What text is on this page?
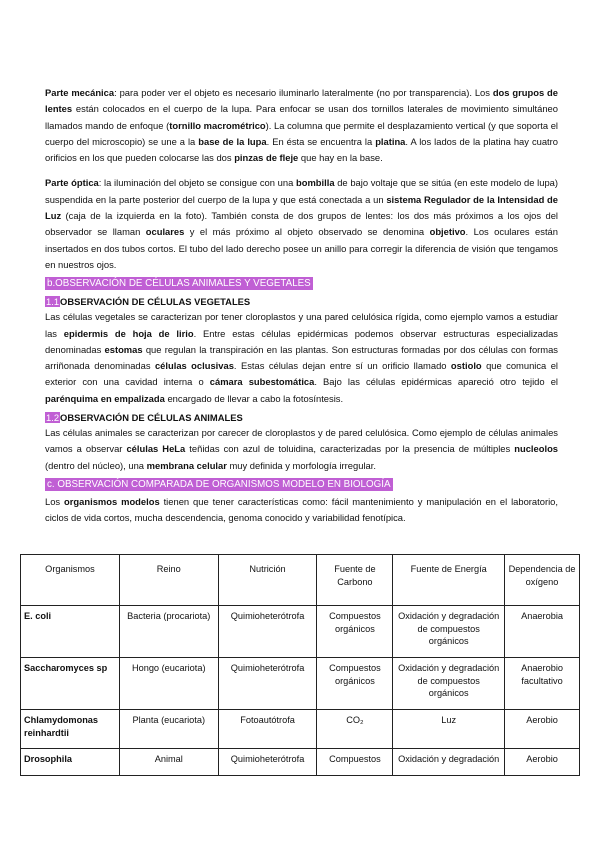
Parte mecánica: para poder ver el objeto es necesario iluminarlo lateralmente (no por transparencia). Los dos grupos de lentes están colocados en el cuerpo de la lupa. Para enfocar se usan dos tornillos laterales de movimiento simultáneo llamados mando de enfoque (tornillo macrométrico). La columna que permite el desplazamiento vertical (y que soporta el cuerpo del microscopio) se une a la base de la lupa. En ésta se encuentra la platina. A los lados de la platina hay cuatro orificios en los que pueden colocarse las dos pinzas de fleje que hay en la base.

Parte óptica: la iluminación del objeto se consigue con una bombilla de bajo voltaje que se sitúa (en este modelo de lupa) suspendida en la parte posterior del cuerpo de la lupa y que está conectada a un sistema Regulador de la Intensidad de Luz (caja de la izquierda en la foto). También consta de dos grupos de lentes: los dos más próximos a los ojos del observador se llaman oculares y el más próximo al objeto observado se denomina objetivo. Los oculares están insertados en dos tubos cortos. El tubo del lado derecho posee un anillo para corregir la diferencia de visión que tengamos en nuestros ojos.

b.OBSERVACIÓN DE CÉLULAS ANIMALES Y VEGETALES
1.1OBSERVACIÓN DE CÉLULAS VEGETALES

Las células vegetales se caracterizan por tener cloroplastos y una pared celulósica rígida, como ejemplo vamos a estudiar las epidermis de hoja de lirio. Entre estas células epidérmicas podemos observar estructuras especializadas denominadas estomas que regulan la transpiración en las plantas. Son estructuras formadas por dos células con formas arriñonada denominadas células oclusivas. Estas células dejan entre sí un orificio llamado ostiolo que comunica el exterior con una cavidad interna o cámara subestomática. Bajo las células epidérmicas apareció otro tejido el parénquima en empalizada encargado de llevar a cabo la fotosíntesis.

1.2OBSERVACIÓN DE CÉLULAS ANIMALES

Las células animales se caracterizan por carecer de cloroplastos y de pared celulósica. Como ejemplo de células animales vamos a observar células HeLa teñidas con azul de toluidina, caracterizadas por la presencia de múltiples nucleolos (dentro del núcleo), una membrana celular muy definida y morfología irregular.

c. OBSERVACIÓN COMPARADA DE ORGANISMOS MODELO EN BIOLOGÍA

Los organismos modelos tienen que tener características como: fácil mantenimiento y manipulación en el laboratorio, ciclos de vida cortos, mucha descendencia, genoma conocido y variabilidad fenotípica.

Organismos	Reino	Nutrición	Fuente de Carbono	Fuente de Energía	Dependencia de oxígeno
E. coli	Bacteria (procariota)	Quimioheterótrofa	Compuestos orgánicos	Oxidación y degradación de compuestos orgánicos	Anaerobia
Saccharomyces sp	Hongo (eucariota)	Quimioheterótrofa	Compuestos orgánicos	Oxidación y degradación de compuestos orgánicos	Anaerobio facultativo
Chlamydomonas reinhardtii	Planta (eucariota)	Fotoautótrofa	CO₂	Luz	Aerobio
Drosophila	Animal	Quimioheterótrofa	Compuestos	Oxidación y degradación	Aerobio
